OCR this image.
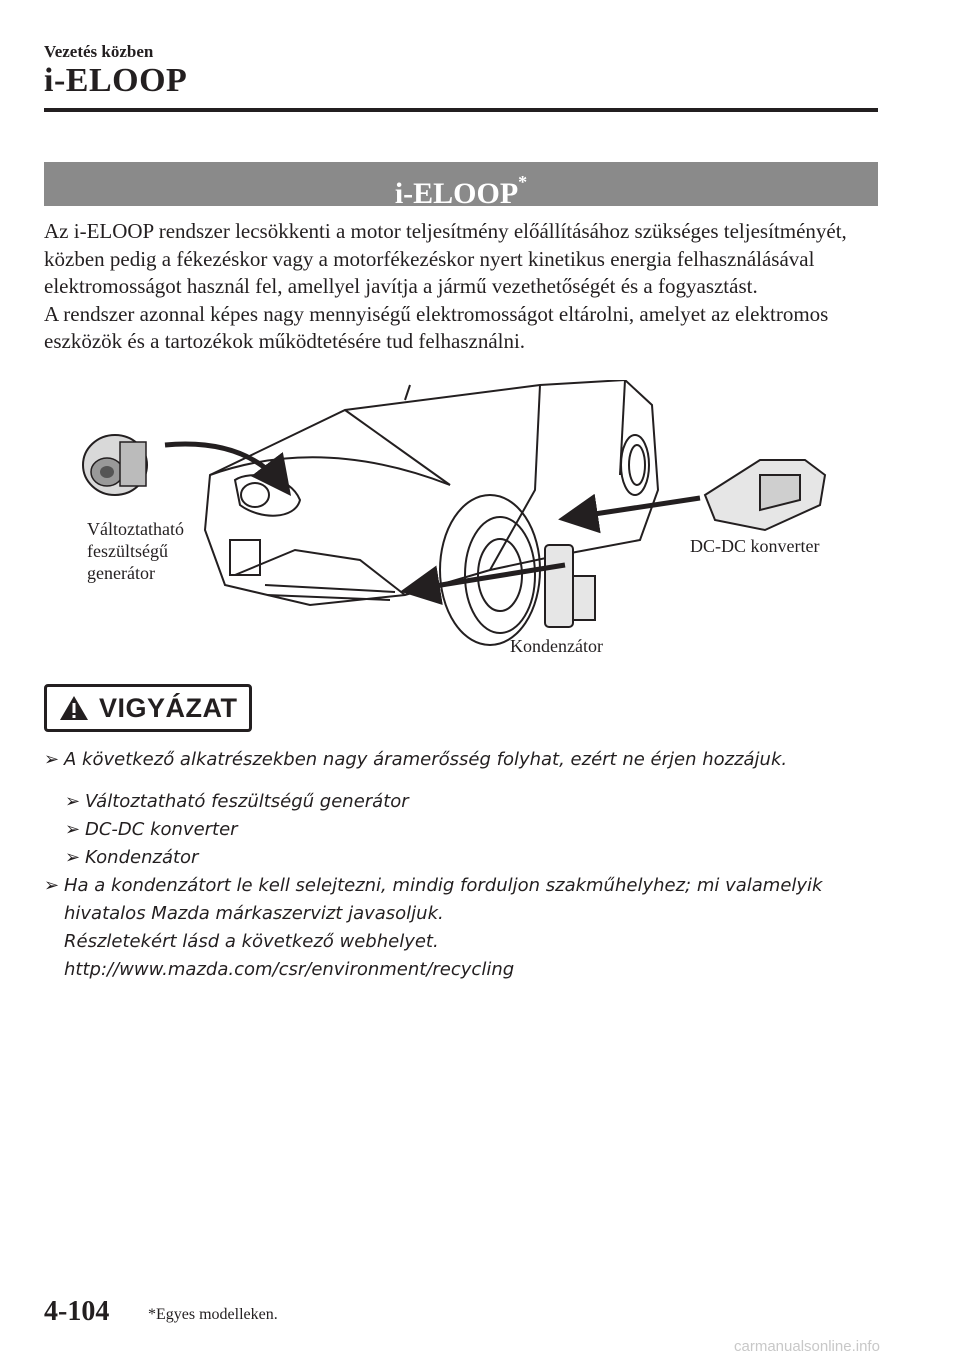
Vezetés közben
i-ELOOP
i-ELOOP*

Az i-ELOOP rendszer lecsökkenti a motor teljesítmény előállításához szükséges teljesítményét, közben pedig a fékezéskor vagy a motorfékezéskor nyert kinetikus energia felhasználásával elektromosságot használ fel, amellyel javítja a jármű vezethetőségét és a fogyasztást.

A rendszer azonnal képes nagy mennyiségű elektromosságot eltárolni, amelyet az elektromos eszközök és a tartozékok működtetésére tud felhasználni.

Változtatható feszültségű generátor
DC-DC konverter
Kondenzátor
VIGYÁZAT
➢ A következő alkatrészekben nagy áramerősség folyhat, ezért ne érjen hozzájuk.
➢ Változtatható feszültségű generátor
➢ DC-DC konverter
➢ Kondenzátor
➢ Ha a kondenzátort le kell selejtezni, mindig forduljon szakműhelyhez; mi valamelyik
hivatalos Mazda márkaszervizt javasoljuk.
Részletekért lásd a következő webhelyet.
http://www.mazda.com/csr/environment/recycling
4-104 *Egyes modelleken.
carmanualsonline.info
